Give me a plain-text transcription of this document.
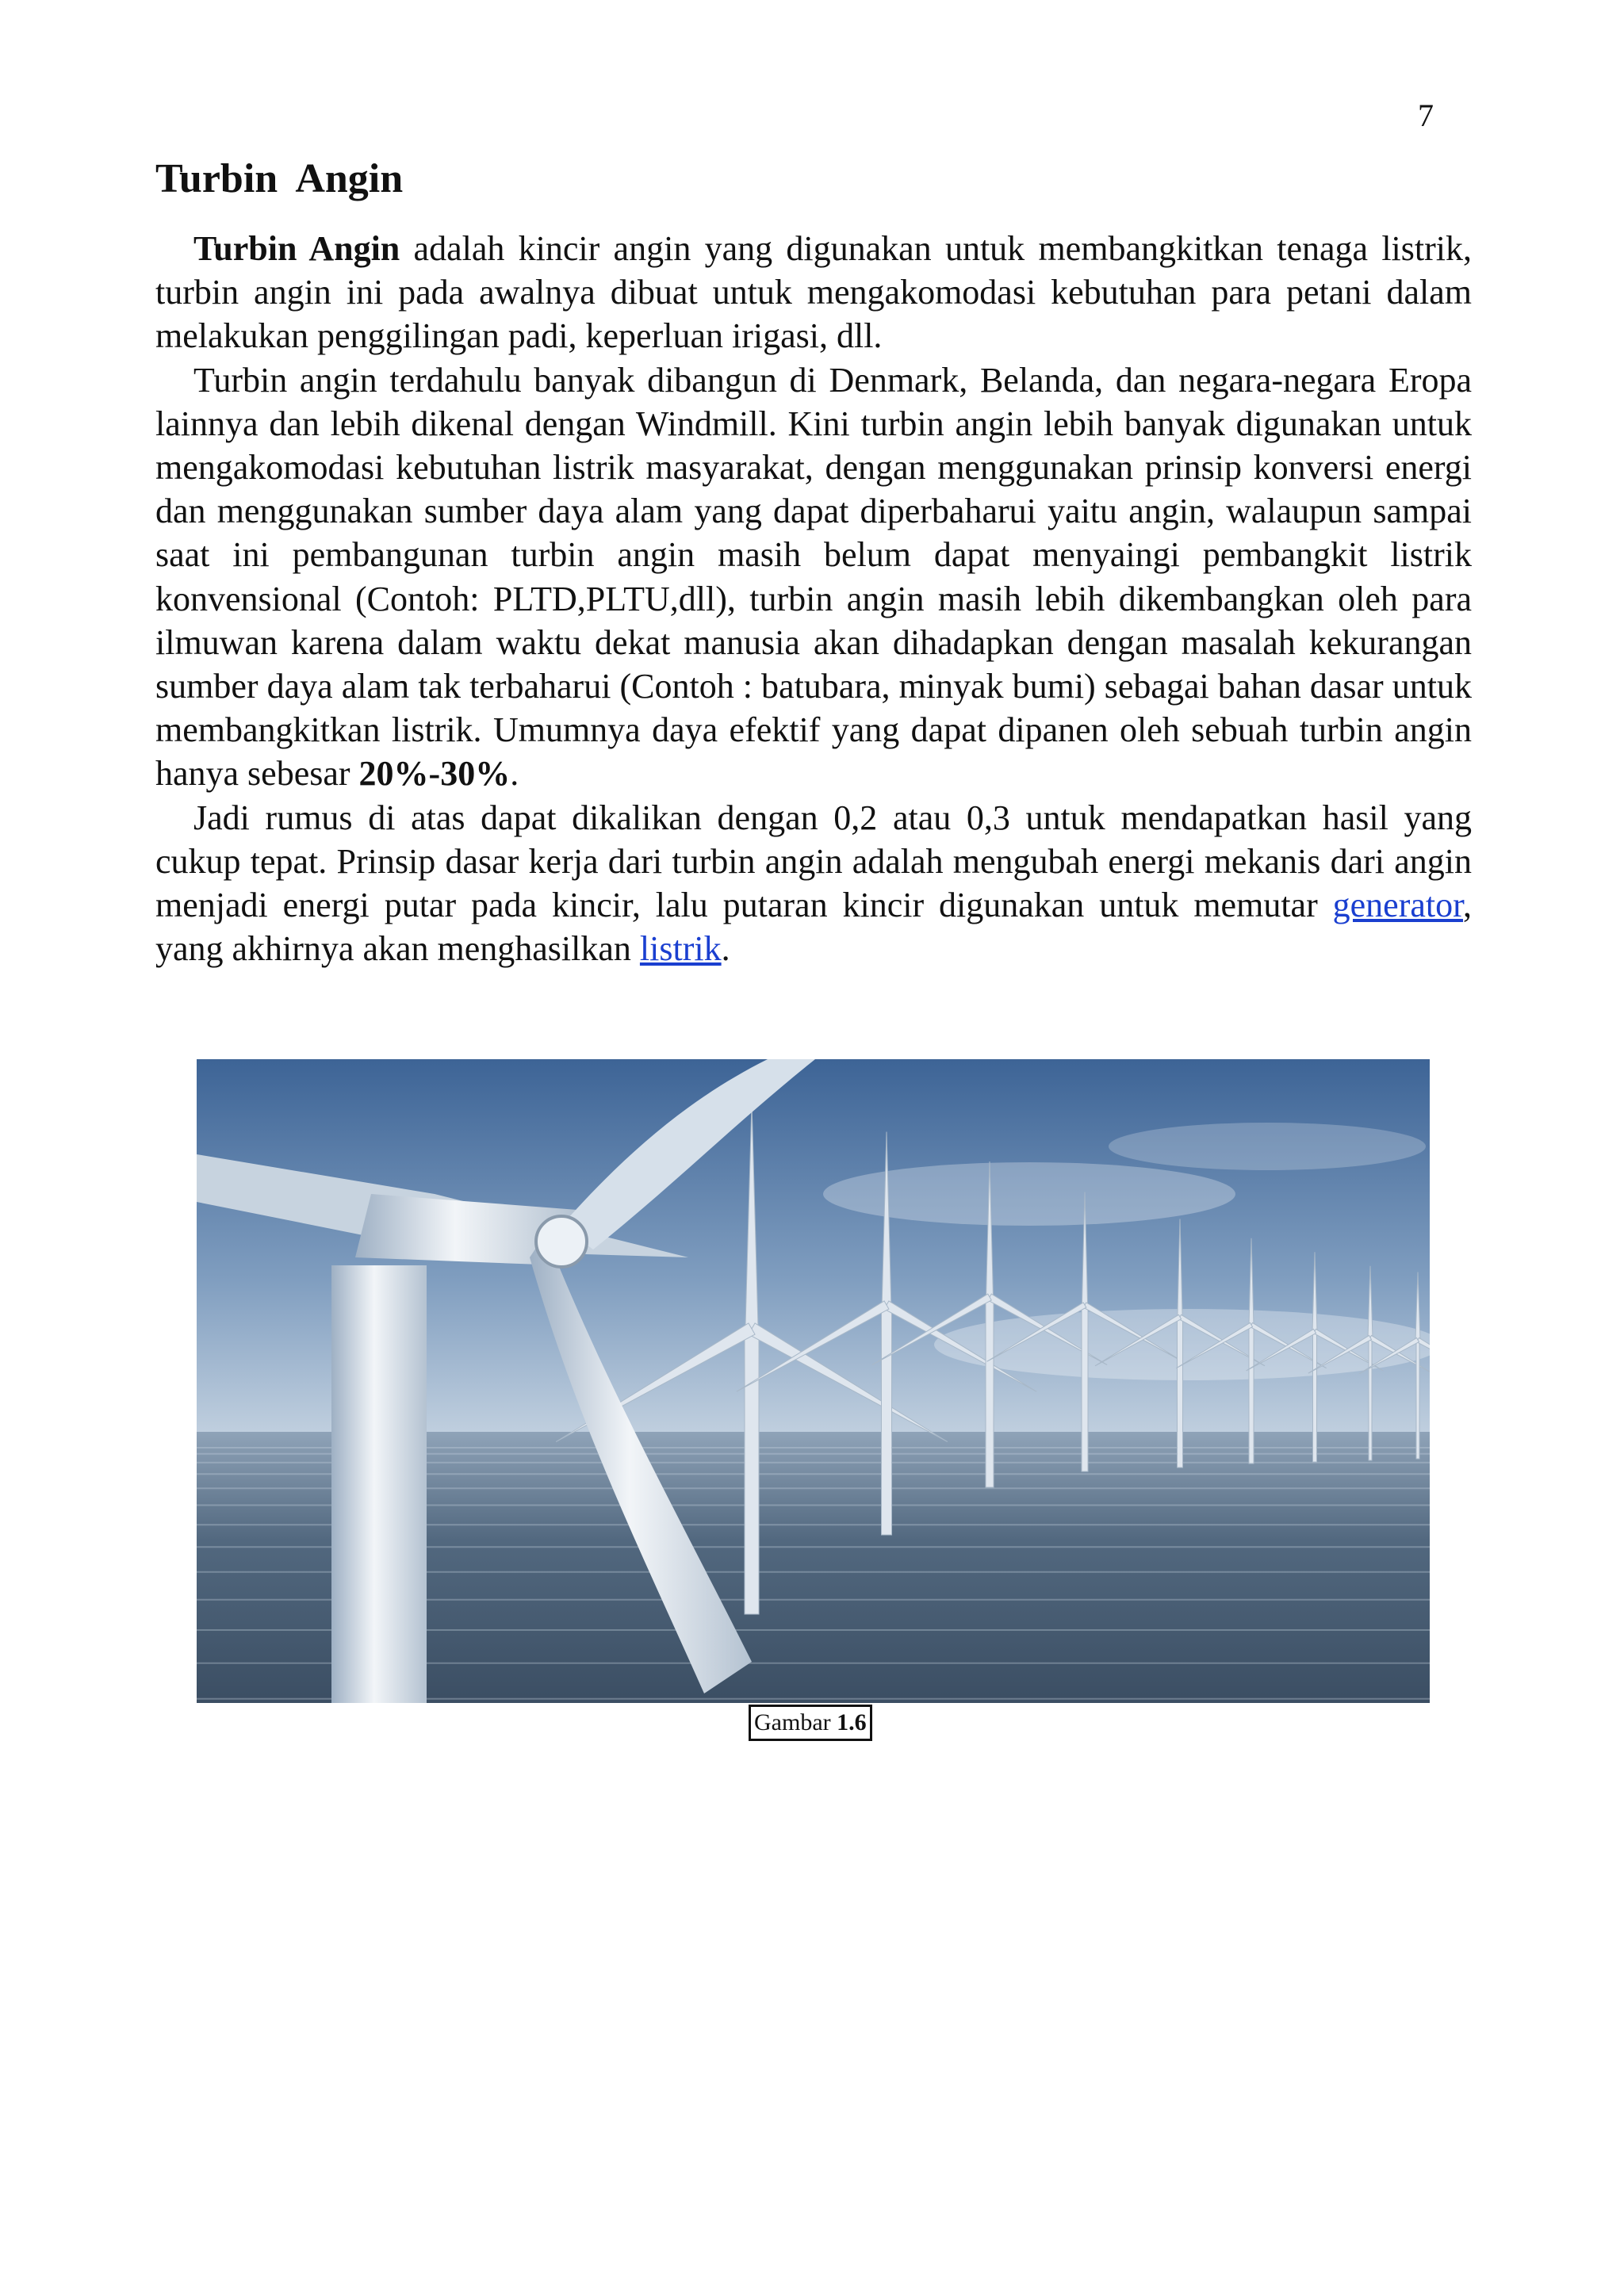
7
Turbin Angin

Turbin Angin adalah kincir angin yang digunakan untuk membangkitkan tenaga listrik, turbin angin ini pada awalnya dibuat untuk mengakomodasi kebutuhan para petani dalam melakukan penggilingan padi, keperluan irigasi, dll.

Turbin angin terdahulu banyak dibangun di Denmark, Belanda, dan negara-negara Eropa lainnya dan lebih dikenal dengan Windmill. Kini turbin angin lebih banyak digunakan untuk mengakomodasi kebutuhan listrik masyarakat, dengan menggunakan prinsip konversi energi dan menggunakan sumber daya alam yang dapat diperbaharui yaitu angin, walaupun sampai saat ini pembangunan turbin angin masih belum dapat menyaingi pembangkit listrik konvensional (Contoh: PLTD,PLTU,dll), turbin angin masih lebih dikembangkan oleh para ilmuwan karena dalam waktu dekat manusia akan dihadapkan dengan masalah kekurangan sumber daya alam tak terbaharui (Contoh : batubara, minyak bumi) sebagai bahan dasar untuk membangkitkan listrik. Umumnya daya efektif yang dapat dipanen oleh sebuah turbin angin hanya sebesar 20%-30%.

Jadi rumus di atas dapat dikalikan dengan 0,2 atau 0,3 untuk mendapatkan hasil yang cukup tepat. Prinsip dasar kerja dari turbin angin adalah mengubah energi mekanis dari angin menjadi energi putar pada kincir, lalu putaran kincir digunakan untuk memutar generator, yang akhirnya akan menghasilkan listrik.

Gambar 1.6
